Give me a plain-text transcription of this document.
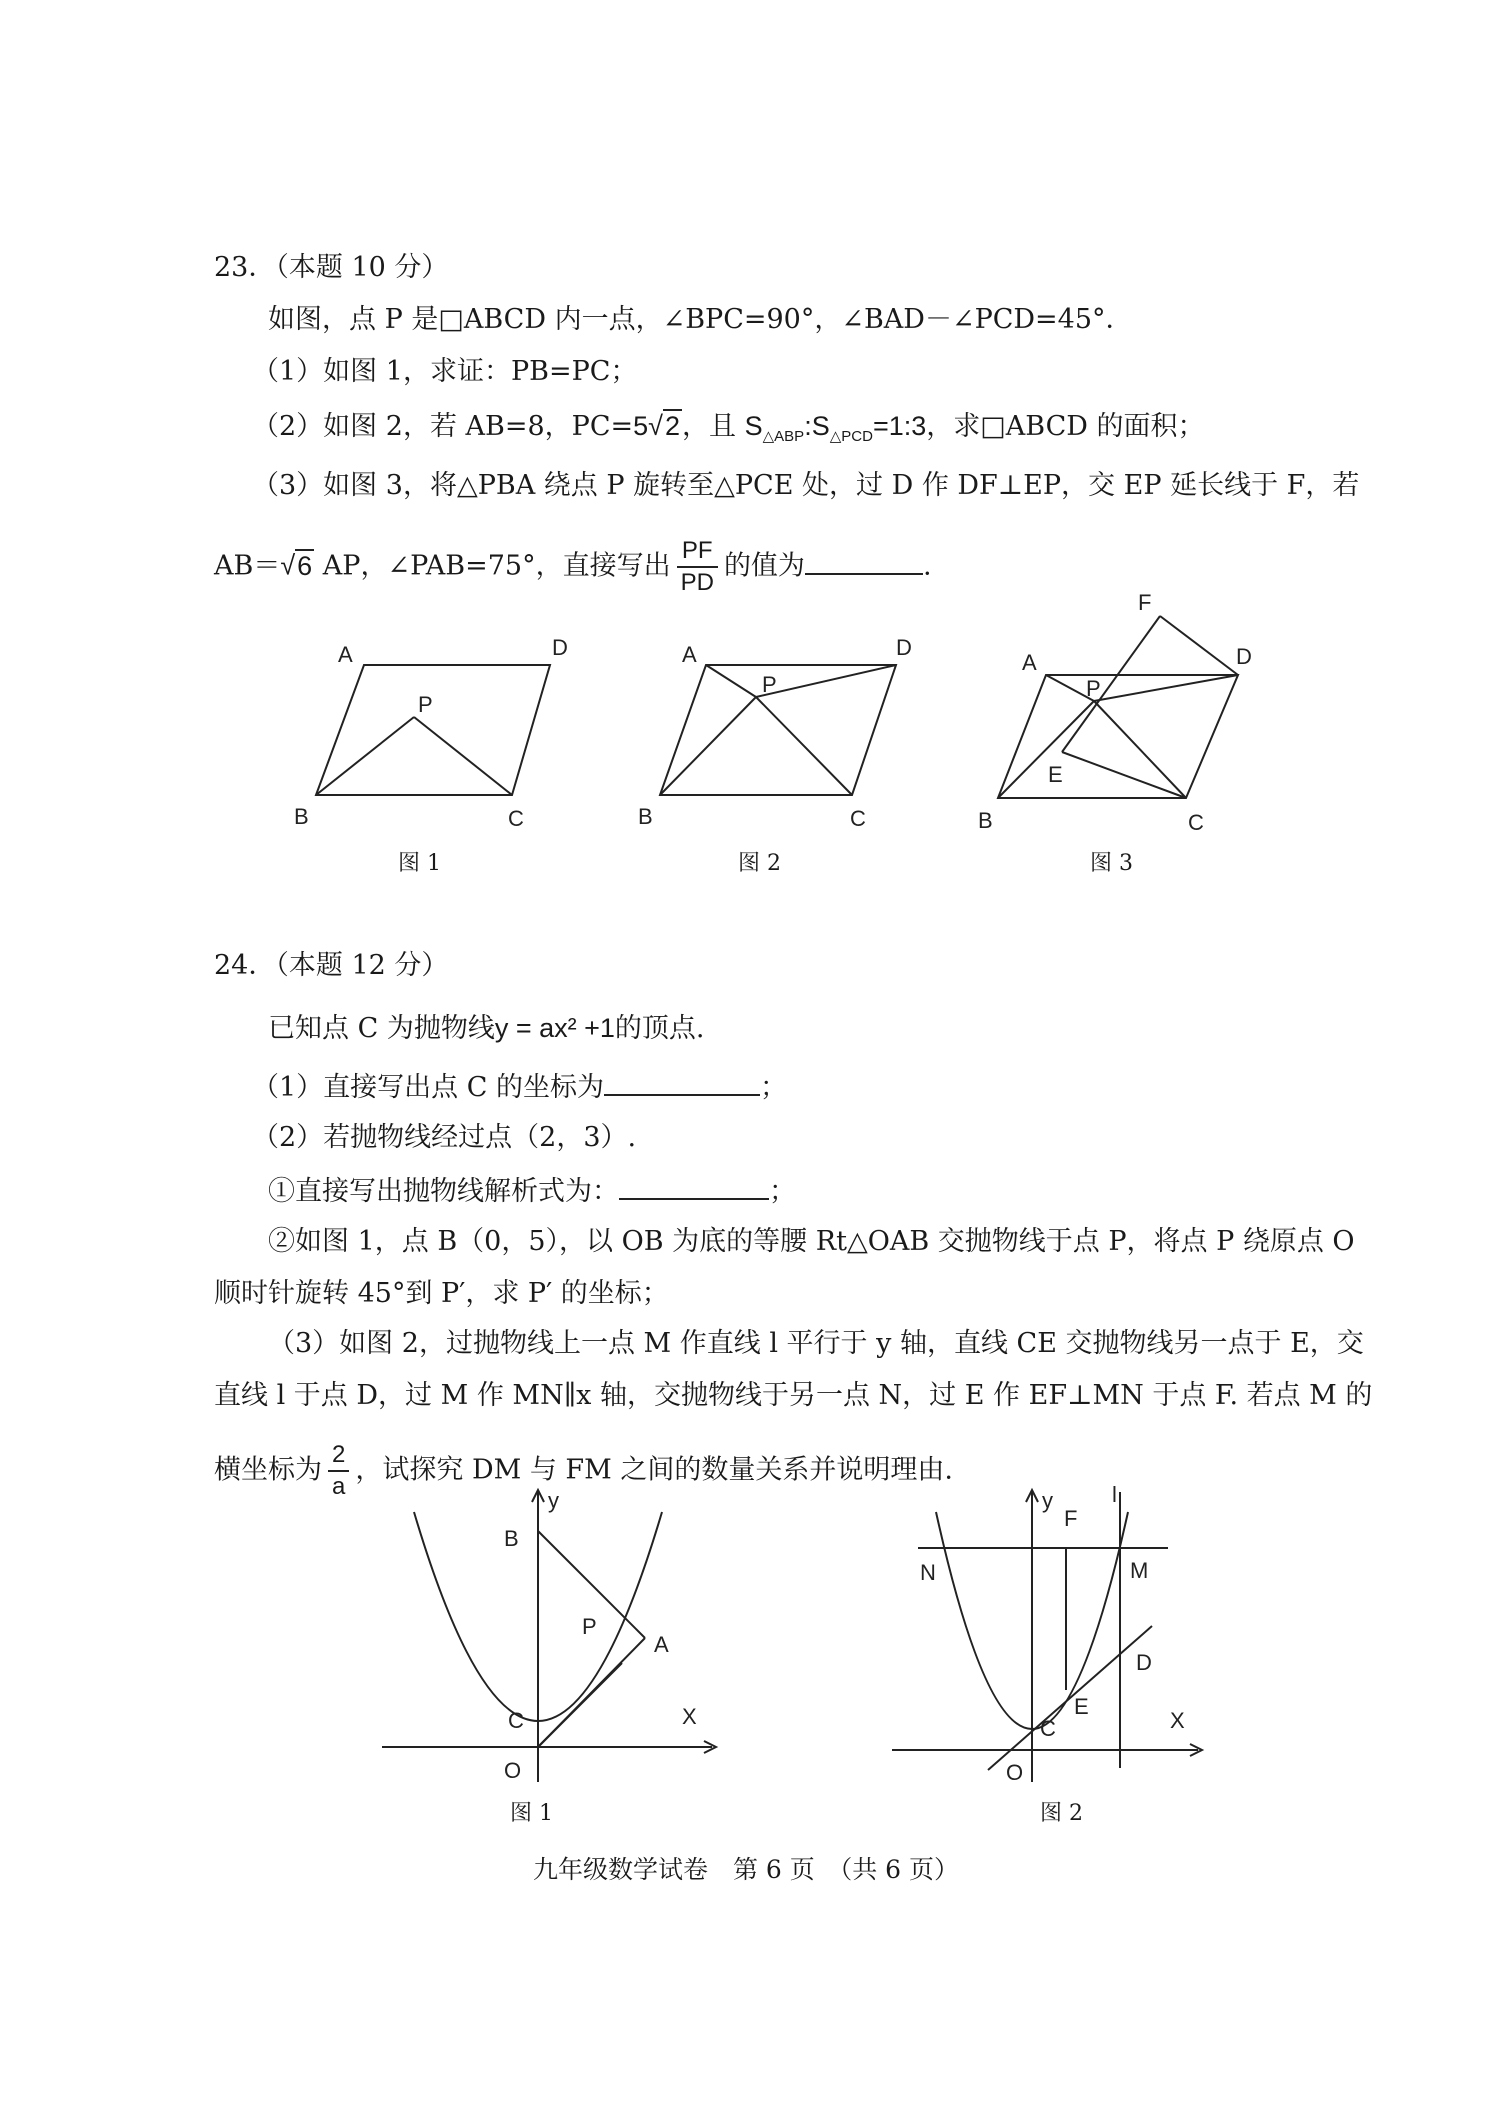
23．（本题 10 分）
如图，点 P 是□ABCD 内一点，∠BPC=90°，∠BAD－∠PCD=45°．
（1）如图 1，求证：PB=PC；
（2）如图 2，若 AB=8，PC=5√2，且 $S_{\triangle ABP}:S_{\triangle PCD}=1:3$，求□ABCD 的面积；
（3）如图 3，将△PBA 绕点 P 旋转至△PCE 处，过 D 作 DF⊥EP，交 EP 延长线于 F，若
AB＝√6 AP，∠PAB=75°，直接写出 $\frac{PF}{PD}$ 的值为	.
A	D
P
B	C
图 1
A	D
P
B	C
图 2
F
A	D
P
E
B	C
图 3
24．（本题 12 分）
已知点 C 为抛物线y = ax² +1的顶点.
（1）直接写出点 C 的坐标为	；
（2）若抛物线经过点（2，3）.
①直接写出抛物线解析式为：	；
②如图 1，点 B（0，5），以 OB 为底的等腰 Rt△OAB 交抛物线于点 P，将点 P 绕原点 O
顺时针旋转 45°到 P′，求 P′ 的坐标；
（3）如图 2，过抛物线上一点 M 作直线 l 平行于 y 轴，直线 CE 交抛物线另一点于 E，交
直线 l 于点 D，过 M 作 MN∥x 轴，交抛物线于另一点 N，过 E 作 EF⊥MN 于点 F. 若点 M 的
横坐标为 $\frac{2}{a}$ ，试探究 DM 与 FM 之间的数量关系并说明理由.
y
B
P
A
C	X
O
图 1
y
F
l
N	M
D
E
C	X
O
图 2
九年级数学试卷　第 6 页　（共 6 页）
